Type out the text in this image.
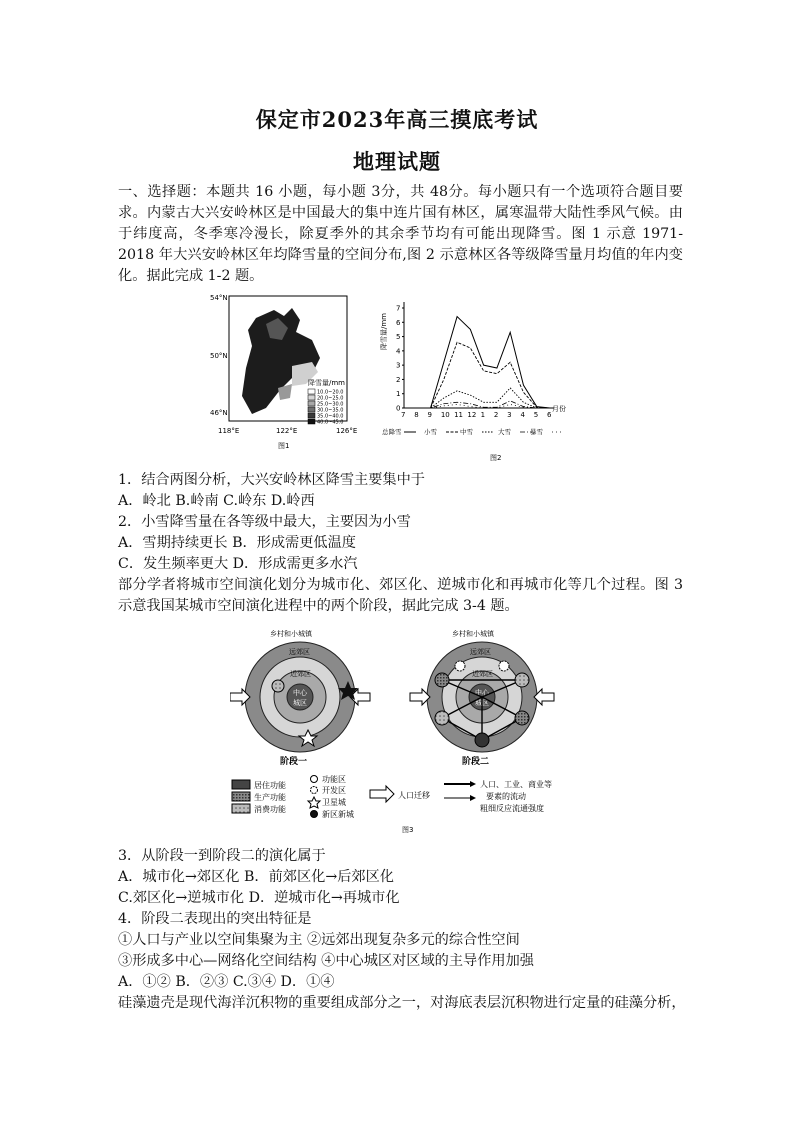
保定市2023年高三摸底考试
地理试题
一、选择题：本题共 16 小题，每小题 3分，共 48分。每小题只有一个选项符合题目要求。内蒙古大兴安岭林区是中国最大的集中连片国有林区，属寒温带大陆性季风气候。由于纬度高，冬季寒冷漫长，除夏季外的其余季节均有可能出现降雪。图 1 示意 1971-2018 年大兴安岭林区年均降雪量的空间分布,图 2 示意林区各等级降雪量月均值的年内变化。据此完成 1-2 题。
降雪量/mm
10.0~20.0
20.0~25.0
25.0~30.0
30.0~35.0
35.0~40.0
40.0~45.0
54°N
50°N
46°N
118°E	122°E	126°E
图1
降雪量/mm
月份
0
1
2
3
4
5
6
7
7 8 9 10 11 12 1 2 3 4 5 6
总降雪	小雪	中雪	大雪	暴雪
图2
1．结合两图分析，大兴安岭林区降雪主要集中于
A．岭北 B.岭南 C.岭东 D.岭西
2．小雪降雪量在各等级中最大，主要因为小雪
A．雪期持续更长 B．形成需更低温度
C．发生频率更大 D．形成需更多水汽
部分学者将城市空间演化划分为城市化、郊区化、逆城市化和再城市化等几个过程。图 3 示意我国某城市空间演化进程中的两个阶段，据此完成 3-4 题。
乡村和小城镇
远郊区
近郊区
中心
城区
阶段一
乡村和小城镇
远郊区
近郊区
中心
城区
阶段二
居住功能
生产功能
消费功能
功能区
开发区
卫星城
新区新城
人口迁移
人口、工业、商业等
要素的流动
粗细反应流通强度
图3
3．从阶段一到阶段二的演化属于
A．城市化→郊区化 B．前郊区化→后郊区化
C.郊区化→逆城市化 D．逆城市化→再城市化
4．阶段二表现出的突出特征是
①人口与产业以空间集聚为主 ②远郊出现复杂多元的综合性空间
③形成多中心—网络化空间结构 ④中心城区对区域的主导作用加强
A．①② B．②③ C.③④ D．①④
硅藻遗壳是现代海洋沉积物的重要组成部分之一，对海底表层沉积物进行定量的硅藻分析，
